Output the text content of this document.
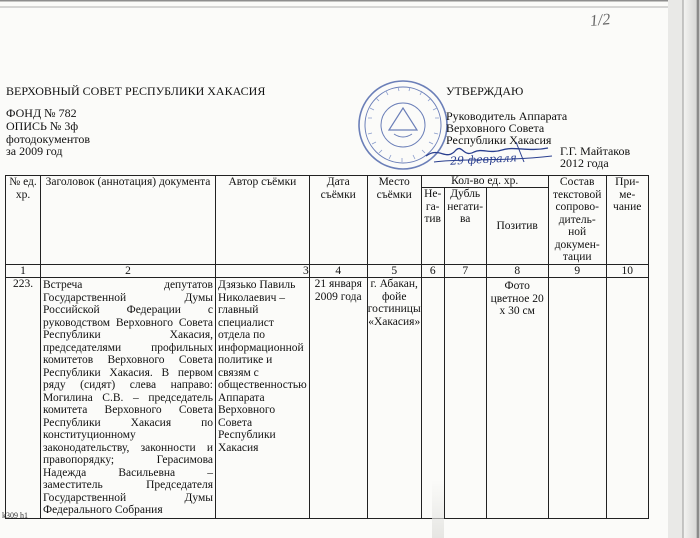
1/2
ВЕРХОВНЫЙ СОВЕТ РЕСПУБЛИКИ ХАКАСИЯ
ФОНД № 782
ОПИСЬ № 3ф
фотодокументов
за 2009 год
УТВЕРЖДАЮ
Руководитель Аппарата
Верховного Совета
Республики Хакасия
Г.Г. Майтаков
29 февраля	2012 года
№ ед. хр.	Заголовок (аннотация) документа	Автор съёмки	Дата съёмки	Место съёмки	Кол-во ед. хр.			Состав текстовой сопрово- дитель- ной докумен- тации	При- ме- чание
					Не- га- тив	Дубль негати- ва	Позитив		
1	2	3	4	5	6	7	8	9	10
223.	Встреча депутатов Государственной Думы Российской Федерации с руководством Верховного Совета Республики Хакасия, председателями профильных комитетов Верховного Совета Республики Хакасия. В первом ряду (сидят) слева направо: Могилина С.В. – председатель комитета Верховного Совета Республики Хакасия по конституционному законодательству, законности и правопорядку; Герасимова Надежда Васильевна – заместитель Председателя Государственной Думы Федерального Собрания	Дзязько Павиль Николаевич – главный специалист отдела по информационной политике и связям с общественностью Аппарата Верховного Совета Республики Хакасия	21 января 2009 года	г. Абакан, фойе гостиницы «Хакасия»			Фото цветное 20 х 30 см		
k309 h1
